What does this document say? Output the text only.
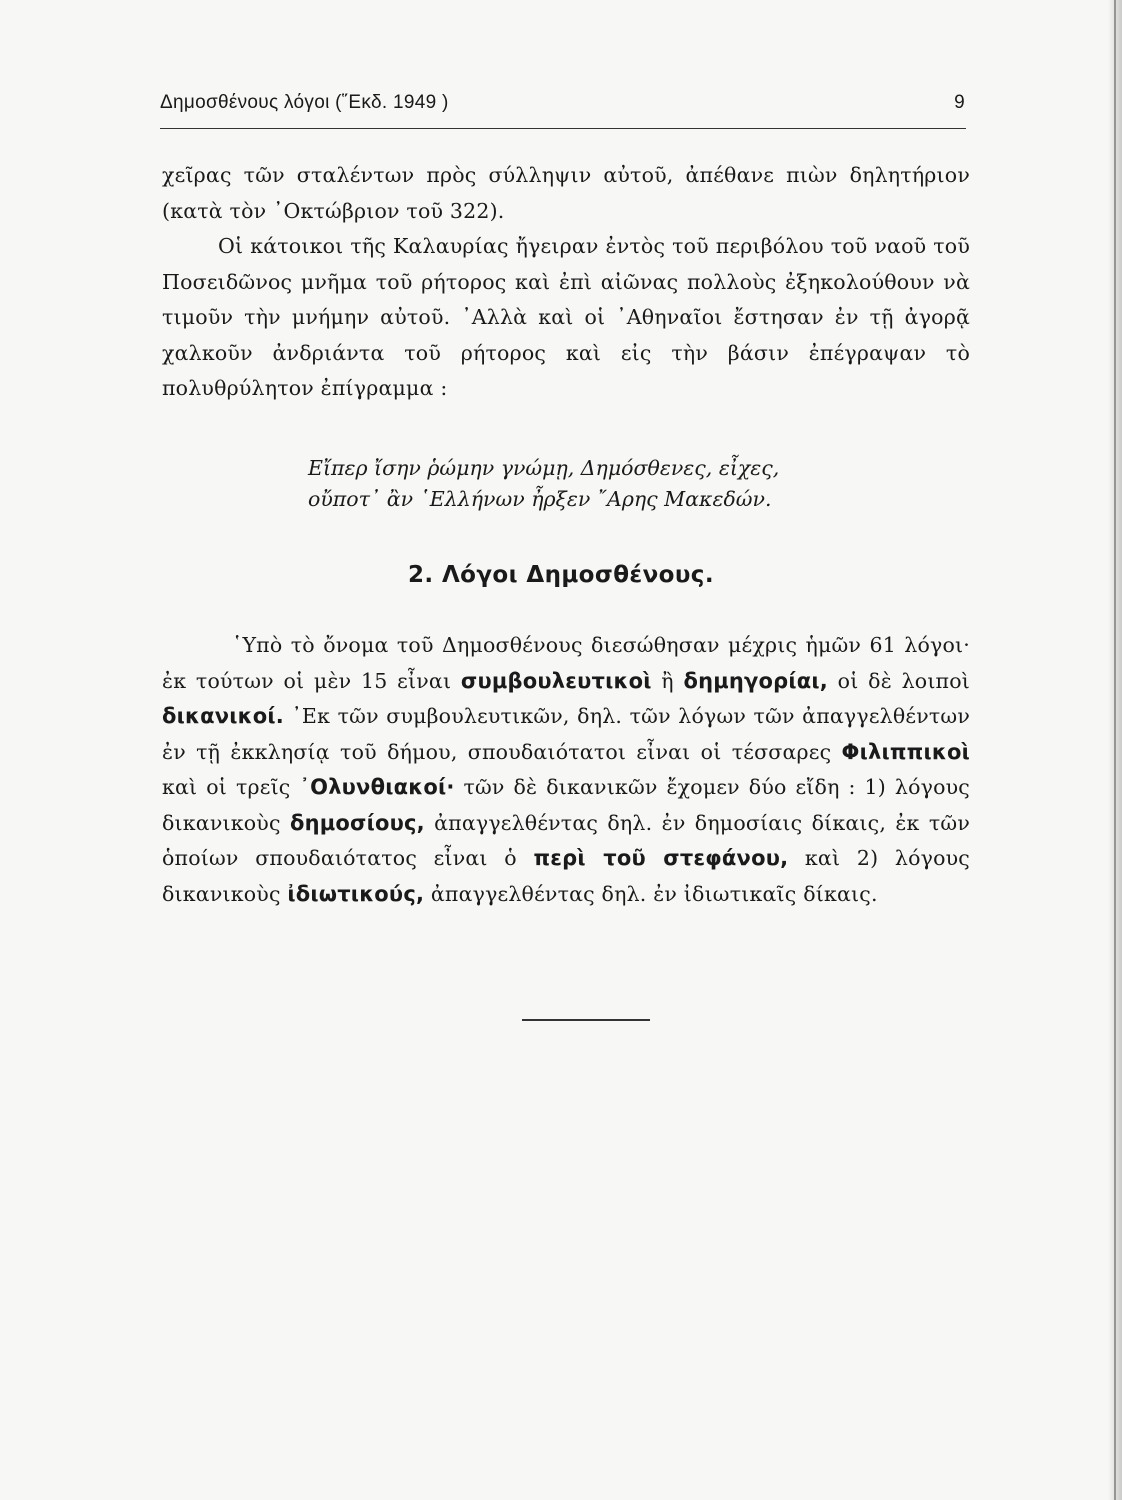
Δημοσθένους λόγοι (῞Εκδ. 1949 )	9
χεῖρας τῶν σταλέντων πρὸς σύλληψιν αὐτοῦ, ἀπέθανε πιὼν δηλητήριον (κατὰ τὸν ᾿Οκτώβριον τοῦ 322).
Οἱ κάτοικοι τῆς Καλαυρίας ἤγειραν ἐντὸς τοῦ περιβόλου τοῦ ναοῦ τοῦ Ποσειδῶνος μνῆμα τοῦ ρήτορος καὶ ἐπὶ αἰῶνας πολλοὺς ἐξηκολούθουν νὰ τιμοῦν τὴν μνήμην αὐτοῦ. ᾿Αλλὰ καὶ οἱ ᾿Αθηναῖοι ἔστησαν ἐν τῇ ἀγορᾷ χαλκοῦν ἀνδριάντα τοῦ ρήτορος καὶ εἰς τὴν βάσιν ἐπέγραψαν τὸ πολυθρύλητον ἐπίγραμμα :
Εἴπερ ἴσην ῥώμην γνώμῃ, Δημόσθενες, εἶχες,
οὔποτ᾽ ἂν ῾Ελλήνων ἦρξεν ῎Αρης Μακεδών.
2. Λόγοι Δημοσθένους.
῾Υπὸ τὸ ὄνομα τοῦ Δημοσθένους διεσώθησαν μέχρις ἡμῶν 61 λόγοι· ἐκ τούτων οἱ μὲν 15 εἶναι συμβουλευτικοὶ ἢ δημηγορίαι, οἱ δὲ λοιποὶ δικανικοί. ᾿Εκ τῶν συμβουλευτικῶν, δηλ. τῶν λόγων τῶν ἀπαγγελθέντων ἐν τῇ ἐκκλησίᾳ τοῦ δήμου, σπουδαιότατοι εἶναι οἱ τέσσαρες Φιλιππικοὶ καὶ οἱ τρεῖς ᾿Ολυνθιακοί· τῶν δὲ δικανικῶν ἔχομεν δύο εἴδη : 1) λόγους δικανικοὺς δημοσίους, ἀπαγγελθέντας δηλ. ἐν δημοσίαις δίκαις, ἐκ τῶν ὁποίων σπουδαιότατος εἶναι ὁ περὶ τοῦ στεφάνου, καὶ 2) λόγους δικανικοὺς ἰδιωτικούς, ἀπαγγελθέντας δηλ. ἐν ἰδιωτικαῖς δίκαις.
